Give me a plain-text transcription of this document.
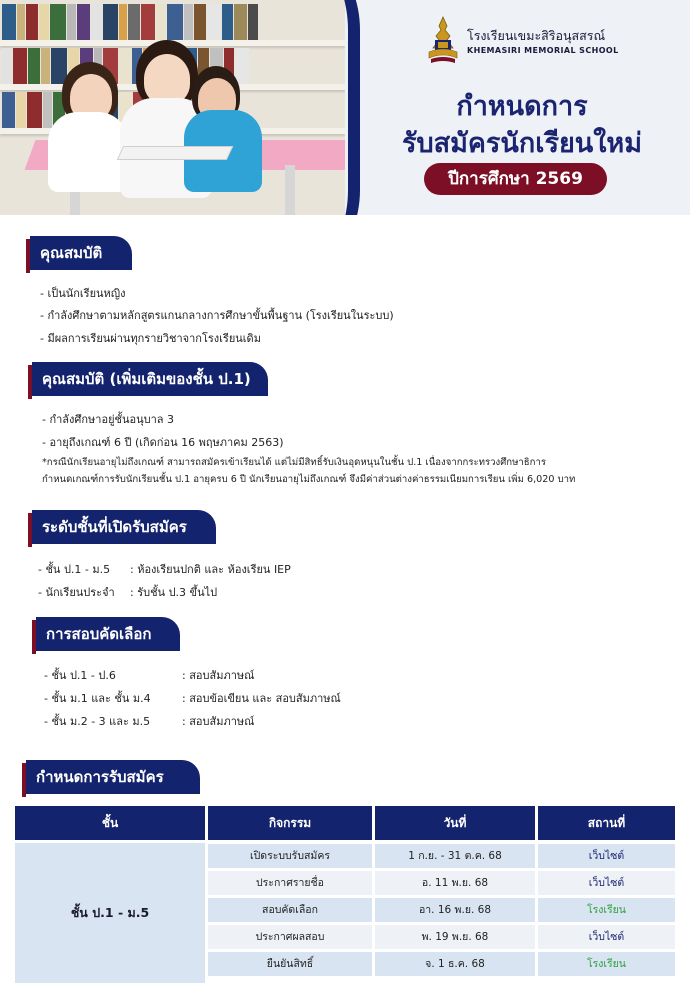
โรงเรียนเขมะสิริอนุสสรณ์
KHEMASIRI MEMORIAL SCHOOL
กำหนดการ
รับสมัครนักเรียนใหม่
ปีการศึกษา 2569
คุณสมบัติ
- เป็นนักเรียนหญิง
- กำลังศึกษาตามหลักสูตรแกนกลางการศึกษาขั้นพื้นฐาน (โรงเรียนในระบบ)
- มีผลการเรียนผ่านทุกรายวิชาจากโรงเรียนเดิม
คุณสมบัติ (เพิ่มเติมของชั้น ป.1)
- กำลังศึกษาอยู่ชั้นอนุบาล 3
- อายุถึงเกณฑ์ 6 ปี (เกิดก่อน 16 พฤษภาคม 2563)
*กรณีนักเรียนอายุไม่ถึงเกณฑ์ สามารถสมัครเข้าเรียนได้ แต่ไม่มีสิทธิ์รับเงินอุดหนุนในชั้น ป.1 เนื่องจากกระทรวงศึกษาธิการ
กำหนดเกณฑ์การรับนักเรียนชั้น ป.1 อายุครบ 6 ปี นักเรียนอายุไม่ถึงเกณฑ์ จึงมีค่าส่วนต่างค่าธรรมเนียมการเรียน เพิ่ม 6,020 บาท
ระดับชั้นที่เปิดรับสมัคร
- ชั้น ป.1 - ม.5 : ห้องเรียนปกติ และ ห้องเรียน IEP
- นักเรียนประจำ : รับชั้น ป.3 ขึ้นไป
การสอบคัดเลือก
- ชั้น ป.1 - ป.6	: สอบสัมภาษณ์
- ชั้น ม.1 และ ชั้น ม.4	: สอบข้อเขียน และ สอบสัมภาษณ์
- ชั้น ม.2 - 3 และ ม.5	: สอบสัมภาษณ์
กำหนดการรับสมัคร
ชั้น	กิจกรรม	วันที่	สถานที่
ชั้น ป.1 - ม.5
เปิดระบบรับสมัคร	1 ก.ย. - 31 ต.ค. 68	เว็บไซต์
ประกาศรายชื่อ	อ. 11 พ.ย. 68	เว็บไซต์
สอบคัดเลือก	อา. 16 พ.ย. 68	โรงเรียน
ประกาศผลสอบ	พ. 19 พ.ย. 68	เว็บไซต์
ยืนยันสิทธิ์	จ. 1 ธ.ค. 68	โรงเรียน
